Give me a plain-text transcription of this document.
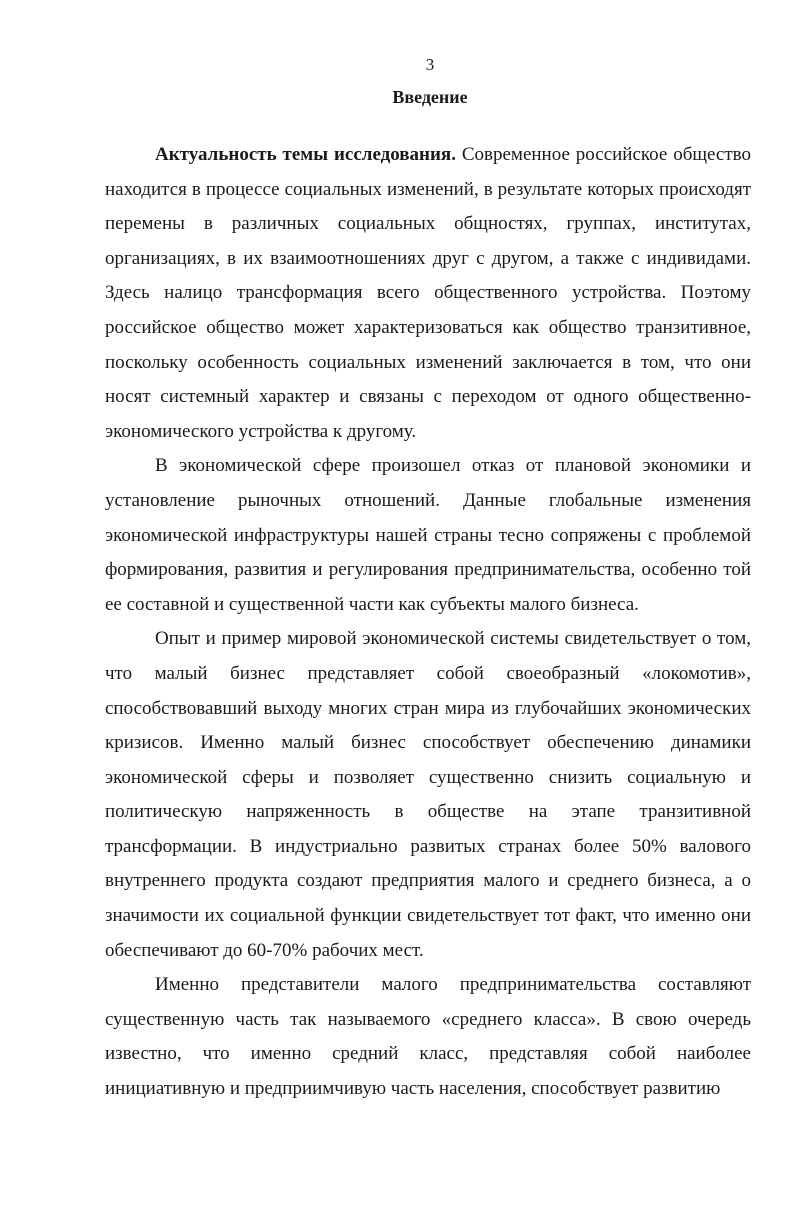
3
Введение

Актуальность темы исследования. Современное российское общество находится в процессе социальных изменений, в результате которых происходят перемены в различных социальных общностях, группах, институтах, организациях, в их взаимоотношениях друг с другом, а также с индивидами. Здесь налицо трансформация всего общественного устройства. Поэтому российское общество может характеризоваться как общество транзитивное, поскольку особенность социальных изменений заключается в том, что они носят системный характер и связаны с переходом от одного общественно-экономического устройства к другому.

В экономической сфере произошел отказ от плановой экономики и установление рыночных отношений. Данные глобальные изменения экономической инфраструктуры нашей страны тесно сопряжены с проблемой формирования, развития и регулирования предпринимательства, особенно той ее составной и существенной части как субъекты малого бизнеса.

Опыт и пример мировой экономической системы свидетельствует о том, что малый бизнес представляет собой своеобразный «локомотив», способствовавший выходу многих стран мира из глубочайших экономических кризисов. Именно малый бизнес способствует обеспечению динамики экономической сферы и позволяет существенно снизить социальную и политическую напряженность в обществе на этапе транзитивной трансформации. В индустриально развитых странах более 50% валового внутреннего продукта создают предприятия малого и среднего бизнеса, а о значимости их социальной функции свидетельствует тот факт, что именно они обеспечивают до 60-70% рабочих мест.

Именно представители малого предпринимательства составляют существенную часть так называемого «среднего класса». В свою очередь известно, что именно средний класс, представляя собой наиболее инициативную и предприимчивую часть населения, способствует развитию
